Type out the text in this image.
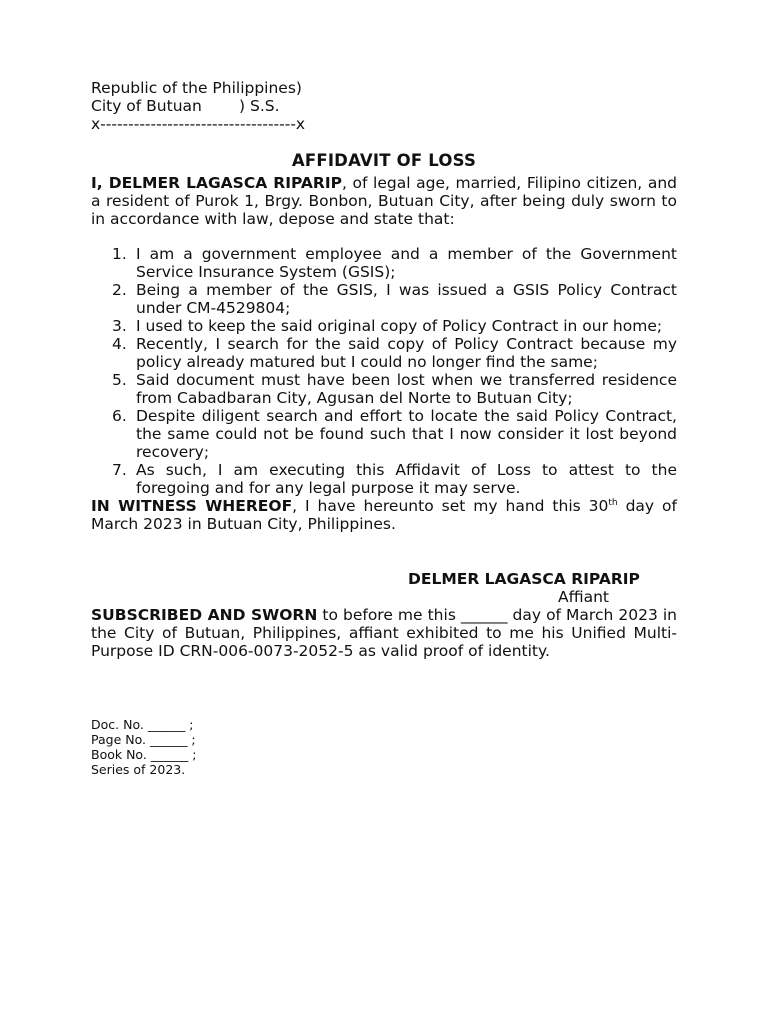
Republic of the Philippines)
City of Butuan ) S.S.
x-----------------------------------x
AFFIDAVIT OF LOSS

I, DELMER LAGASCA RIPARIP, of legal age, married, Filipino citizen, and a resident of Purok 1, Brgy. Bonbon, Butuan City, after being duly sworn to in accordance with law, depose and state that:

1. I am a government employee and a member of the Government Service Insurance System (GSIS);
2. Being a member of the GSIS, I was issued a GSIS Policy Contract under CM-4529804;
3. I used to keep the said original copy of Policy Contract in our home;
4. Recently, I search for the said copy of Policy Contract because my policy already matured but I could no longer find the same;
5. Said document must have been lost when we transferred residence from Cabadbaran City, Agusan del Norte to Butuan City;
6. Despite diligent search and effort to locate the said Policy Contract, the same could not be found such that I now consider it lost beyond recovery;
7. As such, I am executing this Affidavit of Loss to attest to the foregoing and for any legal purpose it may serve.

IN WITNESS WHEREOF, I have hereunto set my hand this 30th day of March 2023 in Butuan City, Philippines.

DELMER LAGASCA RIPARIP
Affiant

SUBSCRIBED AND SWORN to before me this ______ day of March 2023 in the City of Butuan, Philippines, affiant exhibited to me his Unified Multi-Purpose ID CRN-006-0073-2052-5 as valid proof of identity.

Doc. No. ______ ;
Page No. ______ ;
Book No. ______ ;
Series of 2023.
